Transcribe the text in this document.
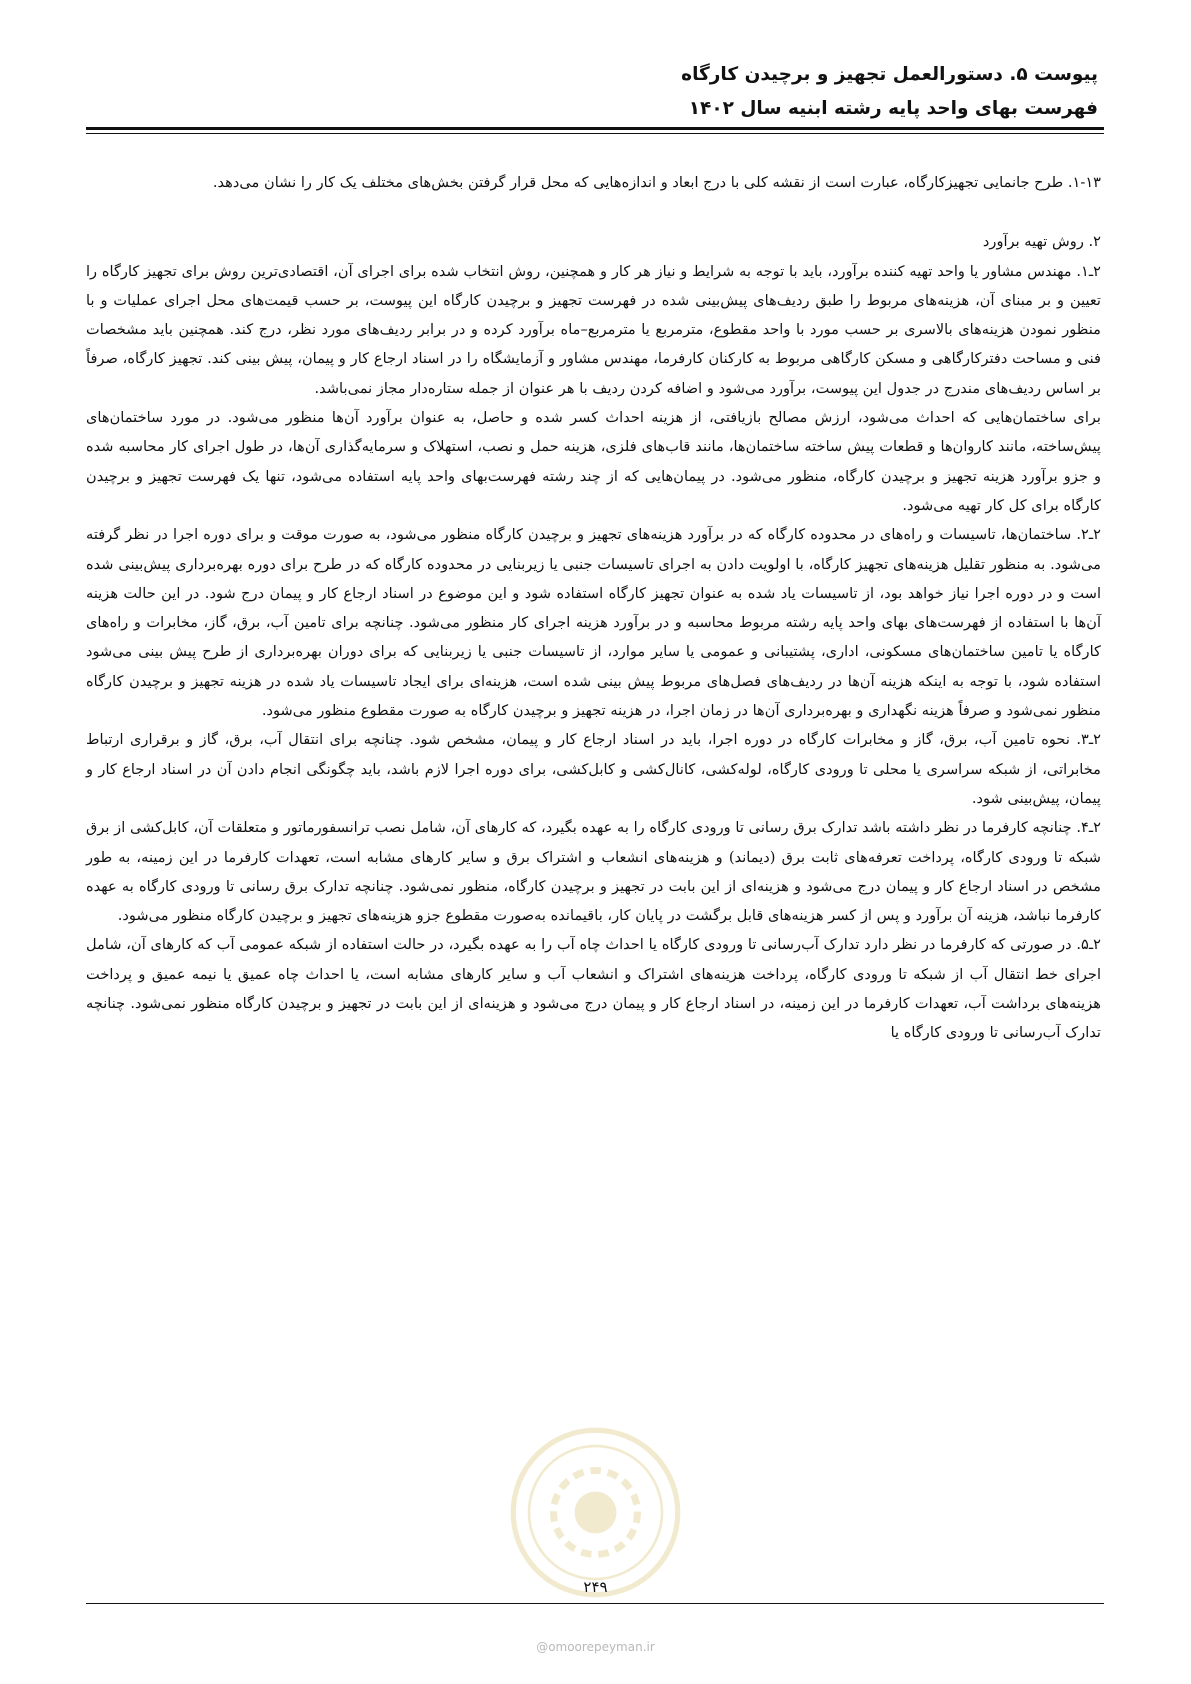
پیوست ۵. دستورالعمل تجهیز و برچیدن کارگاه
فهرست بهای واحد پایه رشته ابنیه سال ۱۴۰۲

۱-۱۳. طرح جانمایی تجهیزکارگاه، عبارت است از نقشه کلی با درج ابعاد و اندازه‌هایی که محل قرار گرفتن بخش‌های مختلف یک کار را نشان می‌دهد.

۲. روش تهیه برآورد

۲ـ۱. مهندس مشاور یا واحد تهیه کننده برآورد، باید با توجه به شرایط و نیاز هر کار و همچنین، روش انتخاب شده برای اجرای آن، اقتصادی‌ترین روش برای تجهیز کارگاه را تعیین و بر مبنای آن، هزینه‌های مربوط را طبق ردیف‌های پیش‌بینی شده در فهرست تجهیز و برچیدن کارگاه این پیوست، بر حسب قیمت‌های محل اجرای عملیات و با منظور نمودن هزینه‌های بالاسری بر حسب مورد با واحد مقطوع، مترمربع یا مترمربع–ماه برآورد کرده و در برابر ردیف‌های مورد نظر، درج کند. همچنین باید مشخصات فنی و مساحت دفترکارگاهی و مسکن کارگاهی مربوط به کارکنان کارفرما، مهندس مشاور و آزمایشگاه را در اسناد ارجاع کار و پیمان، پیش بینی کند. تجهیز کارگاه، صرفاً بر اساس ردیف‌های مندرج در جدول این پیوست، برآورد می‌شود و اضافه کردن ردیف با هر عنوان از جمله ستاره‌دار مجاز نمی‌باشد.

برای ساختمان‌هایی که احداث می‌شود، ارزش مصالح بازیافتی، از هزینه احداث کسر شده و حاصل، به عنوان برآورد آن‌ها منظور می‌شود. در مورد ساختمان‌های پیش‌ساخته، مانند کاروان‌ها و قطعات پیش ساخته ساختمان‌ها، مانند قاب‌های فلزی، هزینه حمل و نصب، استهلاک و سرمایه‌گذاری آن‌ها، در طول اجرای کار محاسبه شده و جزو برآورد هزینه تجهیز و برچیدن کارگاه، منظور می‌شود. در پیمان‌هایی که از چند رشته فهرست‌بهای واحد پایه استفاده می‌شود، تنها یک فهرست تجهیز و برچیدن کارگاه برای کل کار تهیه می‌شود.

۲ـ۲. ساختمان‌ها، تاسیسات و راه‌های در محدوده کارگاه که در برآورد هزینه‌های تجهیز و برچیدن کارگاه منظور می‌شود، به صورت موقت و برای دوره اجرا در نظر گرفته می‌شود. به منظور تقلیل هزینه‌های تجهیز کارگاه، با اولویت دادن به اجرای تاسیسات جنبی یا زیربنایی در محدوده کارگاه که در طرح برای دوره بهره‌برداری پیش‌بینی شده است و در دوره اجرا نیاز خواهد بود، از تاسیسات یاد شده به عنوان تجهیز کارگاه استفاده شود و این موضوع در اسناد ارجاع کار و پیمان درج شود. در این حالت هزینه آن‌ها با استفاده از فهرست‌های بهای واحد پایه رشته مربوط محاسبه و در برآورد هزینه اجرای کار منظور می‌شود. چنانچه برای تامین آب، برق، گاز، مخابرات و راه‌های کارگاه یا تامین ساختمان‌های مسکونی، اداری، پشتیبانی و عمومی یا سایر موارد، از تاسیسات جنبی یا زیربنایی که برای دوران بهره‌برداری از طرح پیش بینی می‌شود استفاده شود، با توجه به اینکه هزینه آن‌ها در ردیف‌های فصل‌های مربوط پیش بینی شده است، هزینه‌ای برای ایجاد تاسیسات یاد شده در هزینه تجهیز و برچیدن کارگاه منظور نمی‌شود و صرفاً هزینه نگهداری و بهره‌برداری آن‌ها در زمان اجرا، در هزینه تجهیز و برچیدن کارگاه به صورت مقطوع منظور می‌شود.

۲ـ۳. نحوه تامین آب، برق، گاز و مخابرات کارگاه در دوره اجرا، باید در اسناد ارجاع کار و پیمان، مشخص شود. چنانچه برای انتقال آب، برق، گاز و برقراری ارتباط مخابراتی، از شبکه سراسری یا محلی تا ورودی کارگاه، لوله‌کشی، کانال‌کشی و کابل‌کشی، برای دوره اجرا لازم باشد، باید چگونگی انجام دادن آن در اسناد ارجاع کار و پیمان، پیش‌بینی شود.

۲ـ۴. چنانچه کارفرما در نظر داشته باشد تدارک برق رسانی تا ورودی کارگاه را به عهده بگیرد، که کارهای آن، شامل نصب ترانسفورماتور و متعلقات آن، کابل‌کشی از برق شبکه تا ورودی کارگاه، پرداخت تعرفه‌های ثابت برق (دیماند) و هزینه‌های انشعاب و اشتراک برق و سایر کارهای مشابه است، تعهدات کارفرما در این زمینه، به طور مشخص در اسناد ارجاع کار و پیمان درج می‌شود و هزینه‌ای از این بابت در تجهیز و برچیدن کارگاه، منظور نمی‌شود. چنانچه تدارک برق رسانی تا ورودی کارگاه به عهده کارفرما نباشد، هزینه آن برآورد و پس از کسر هزینه‌های قابل برگشت در پایان کار، باقیمانده به‌صورت مقطوع جزو هزینه‌های تجهیز و برچیدن کارگاه منظور می‌شود.

۲ـ۵. در صورتی که کارفرما در نظر دارد تدارک آب‌رسانی تا ورودی کارگاه یا احداث چاه آب را به عهده بگیرد، در حالت استفاده از شبکه عمومی آب که کارهای آن، شامل اجرای خط انتقال آب از شبکه تا ورودی کارگاه، پرداخت هزینه‌های اشتراک و انشعاب آب و سایر کارهای مشابه است، یا احداث چاه عمیق یا نیمه عمیق و پرداخت هزینه‌های برداشت آب، تعهدات کارفرما در این زمینه، در اسناد ارجاع کار و پیمان درج می‌شود و هزینه‌ای از این بابت در تجهیز و برچیدن کارگاه منظور نمی‌شود. چنانچه تدارک آب‌رسانی تا ورودی کارگاه یا

۲۴۹
@omoorepeyman.ir
